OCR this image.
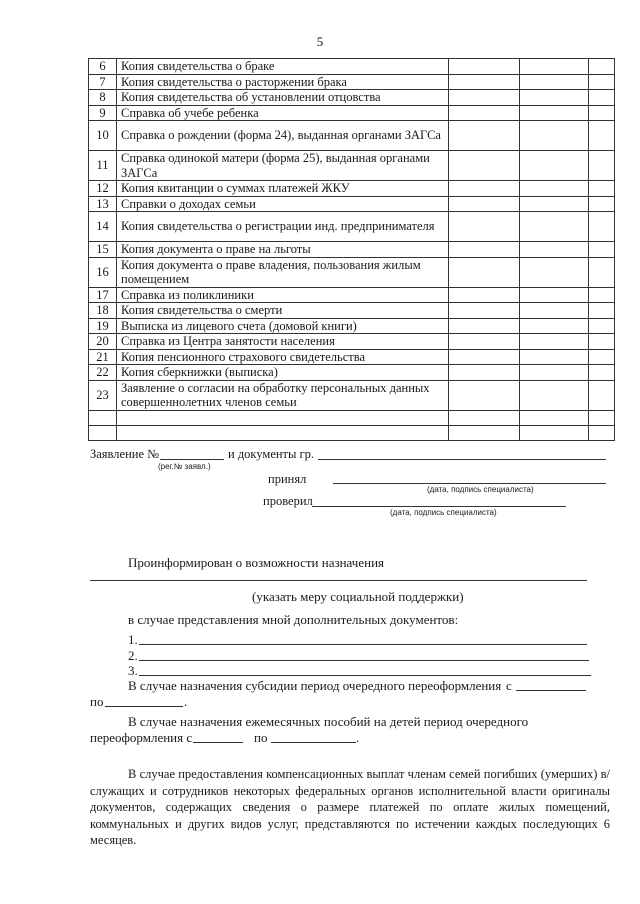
5
6	Копия свидетельства о браке			
7	Копия свидетельства о расторжении брака			
8	Копия свидетельства об установлении отцовства			
9	Справка об учебе ребенка			
10	Справка о рождении (форма 24), выданная органами ЗАГСа			
11	Справка одинокой матери (форма 25), выданная органами ЗАГСа			
12	Копия квитанции о суммах платежей ЖКУ			
13	Справки о доходах семьи			
14	Копия свидетельства о регистрации инд. предпринимателя			
15	Копия документа о праве на льготы			
16	Копия документа о праве владения, пользования жилым помещением			
17	Справка из поликлиники			
18	Копия свидетельства о смерти			
19	Выписка из лицевого счета (домовой книги)			
20	Справка из Центра занятости населения			
21	Копия пенсионного страхового свидетельства			
22	Копия сберкнижки (выписка)			
23	Заявление о согласии на обработку персональных данных совершеннолетних членов семьи			

Заявление №
(рег.№ заявл.)
и документы гр.
принял
(дата, подпись специалиста)
проверил
(дата, подпись специалиста)
Проинформирован о возможности назначения
(указать меру социальной поддержки)
в случае представления мной дополнительных документов:
1.
2.
3.
В случае назначения субсидии период очередного переоформления с
по	.
В случае назначения ежемесячных пособий на детей период очередного
переоформления с	по	.
В случае предоставления компенсационных выплат членам семей погибших (умерших) в/служащих и сотрудников некоторых федеральных органов исполнительной власти оригиналы документов, содержащих сведения о размере платежей по оплате жилых помещений, коммунальных и других видов услуг, представляются по истечении каждых последующих 6 месяцев.
